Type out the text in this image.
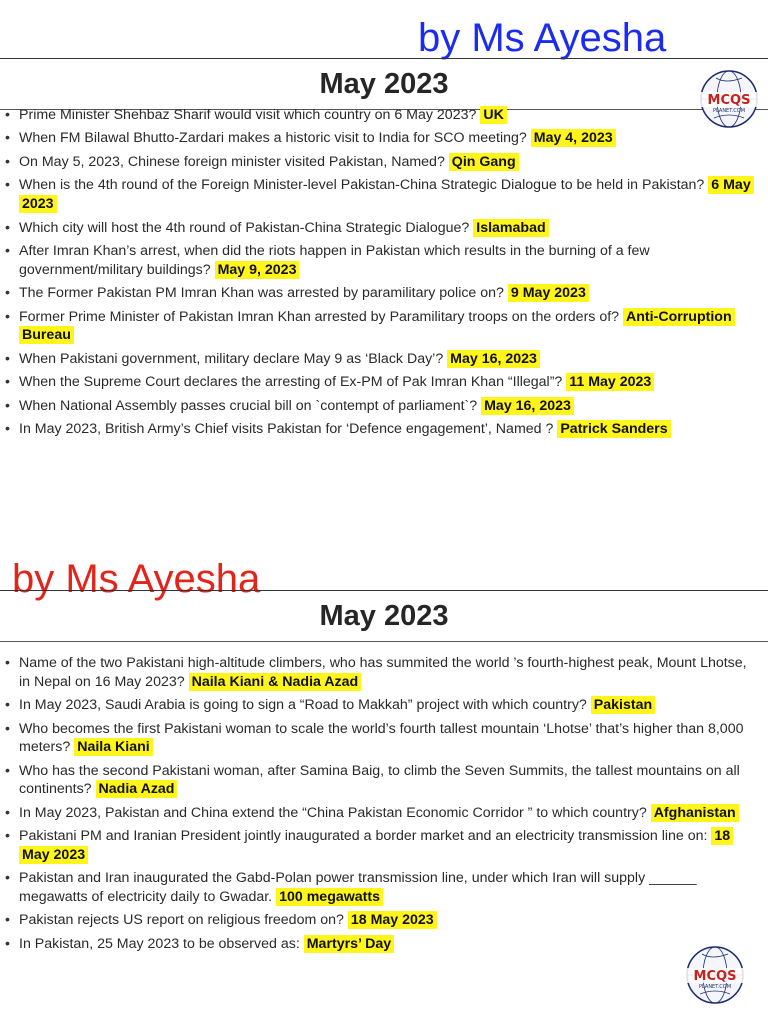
by Ms Ayesha
May 2023
• Prime Minister Shehbaz Sharif would visit which country on 6 May 2023? UK
• When FM Bilawal Bhutto-Zardari makes a historic visit to India for SCO meeting? May 4, 2023
• On May 5, 2023, Chinese foreign minister visited Pakistan, Named? Qin Gang
• When is the 4th round of the Foreign Minister-level Pakistan-China Strategic Dialogue to be held in Pakistan? 6 May 2023
• Which city will host the 4th round of Pakistan-China Strategic Dialogue? Islamabad
• After Imran Khan’s arrest, when did the riots happen in Pakistan which results in the burning of a few government/military buildings? May 9, 2023
• The Former Pakistan PM Imran Khan was arrested by paramilitary police on? 9 May 2023
• Former Prime Minister of Pakistan Imran Khan arrested by Paramilitary troops on the orders of? Anti-Corruption Bureau
• When Pakistani government, military declare May 9 as ‘Black Day’? May 16, 2023
• When the Supreme Court declares the arresting of Ex-PM of Pak Imran Khan “Illegal”? 11 May 2023
• When National Assembly passes crucial bill on `contempt of parliament`? May 16, 2023
• In May 2023, British Army’s Chief visits Pakistan for ‘Defence engagement’, Named ? Patrick Sanders
MCQS
PLANET.COM
by Ms Ayesha
May 2023
• Name of the two Pakistani high-altitude climbers, who has summited the world ’s fourth-highest peak, Mount Lhotse, in Nepal on 16 May 2023? Naila Kiani & Nadia Azad
• In May 2023, Saudi Arabia is going to sign a “Road to Makkah” project with which country? Pakistan
• Who becomes the first Pakistani woman to scale the world’s fourth tallest mountain ‘Lhotse’ that’s higher than 8,000 meters? Naila Kiani
• Who has the second Pakistani woman, after Samina Baig, to climb the Seven Summits, the tallest mountains on all continents? Nadia Azad
• In May 2023, Pakistan and China extend the “China Pakistan Economic Corridor ” to which country? Afghanistan
• Pakistani PM and Iranian President jointly inaugurated a border market and an electricity transmission line on: 18 May 2023
• Pakistan and Iran inaugurated the Gabd-Polan power transmission line, under which Iran will supply ______ megawatts of electricity daily to Gwadar. 100 megawatts
• Pakistan rejects US report on religious freedom on? 18 May 2023
• In Pakistan, 25 May 2023 to be observed as: Martyrs’ Day
MCQS
PLANET.COM
